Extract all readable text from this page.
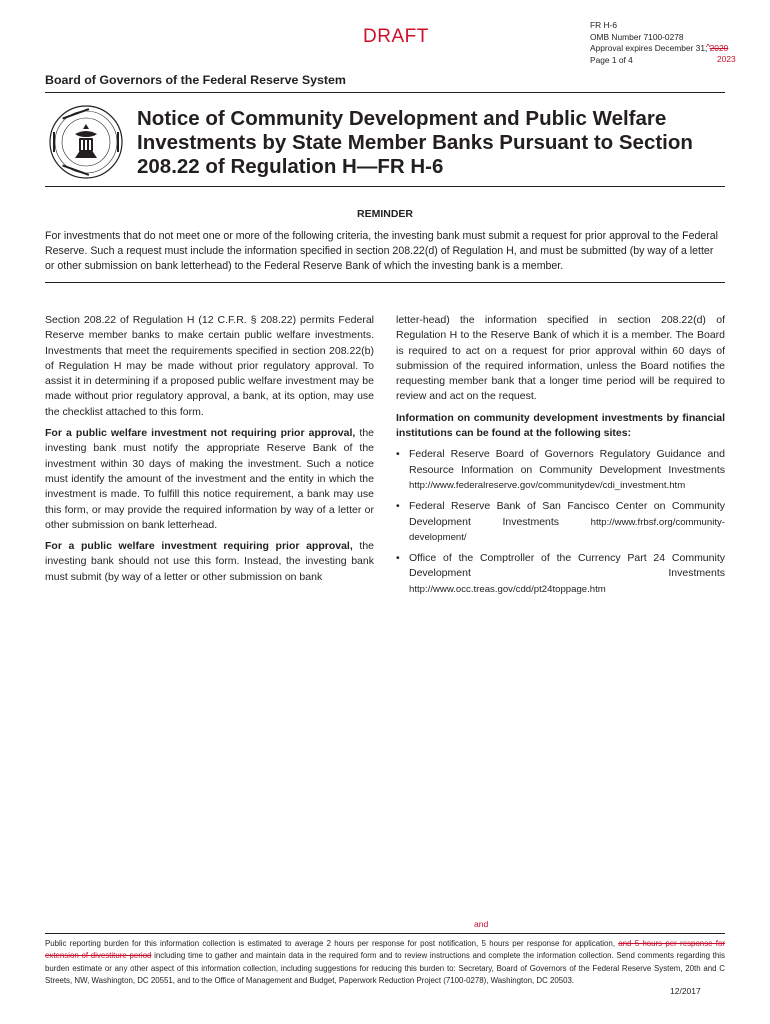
DRAFT
FR H-6
OMB Number 7100-0278
Approval expires December 31, 2020
Page 1 of 4
^
2023
Board of Governors of the Federal Reserve System
Notice of Community Development and Public Welfare Investments by State Member Banks Pursuant to Section 208.22 of Regulation H—FR H-6
REMINDER
For investments that do not meet one or more of the following criteria, the investing bank must submit a request for prior approval to the Federal Reserve. Such a request must include the information specified in section 208.22(d) of Regulation H, and must be submitted (by way of a letter or other submission on bank letterhead) to the Federal Reserve Bank of which the investing bank is a member.

Section 208.22 of Regulation H (12 C.F.R. § 208.22) permits Federal Reserve member banks to make certain public welfare investments. Investments that meet the requirements specified in section 208.22(b) of Regulation H may be made without prior regulatory approval. To assist it in determining if a proposed public welfare investment may be made without prior regulatory approval, a bank, at its option, may use the checklist attached to this form.

For a public welfare investment not requiring prior approval, the investing bank must notify the appropriate Reserve Bank of the investment within 30 days of making the investment. Such a notice must identify the amount of the investment and the entity in which the investment is made. To fulfill this notice requirement, a bank may use this form, or may provide the required information by way of a letter or other submission on bank letterhead.

For a public welfare investment requiring prior approval, the investing bank should not use this form. Instead, the investing bank must submit (by way of a letter or other submission on bank

letter-head) the information specified in section 208.22(d) of Regulation H to the Reserve Bank of which it is a member. The Board is required to act on a request for prior approval within 60 days of submission of the required information, unless the Board notifies the requesting member bank that a longer time period will be required to review and act on the request.

Information on community development investments by financial institutions can be found at the following sites:

• Federal Reserve Board of Governors Regulatory Guidance and Resource Information on Community Development Investments http://www.federalreserve.gov/communitydev/cdi_investment.htm
• Federal Reserve Bank of San Fancisco Center on Community Development Investments	http://www.frbsf.org/community-development/
• Office of the Comptroller of the Currency Part 24 Community Development Investments http://www.occ.treas.gov/cdd/pt24toppage.htm
and
Public reporting burden for this information collection is estimated to average 2 hours per response for post notification, 5 hours per response for application, and 5 hours per response for extension of divestiture period including time to gather and maintain data in the required form and to review instructions and complete the information collection. Send comments regarding this burden estimate or any other aspect of this information collection, including suggestions for reducing this burden to: Secretary, Board of Governors of the Federal Reserve System, 20th and C Streets, NW, Washington, DC 20551, and to the Office of Management and Budget, Paperwork Reduction Project (7100-0278), Washington, DC 20503.
12/2017
